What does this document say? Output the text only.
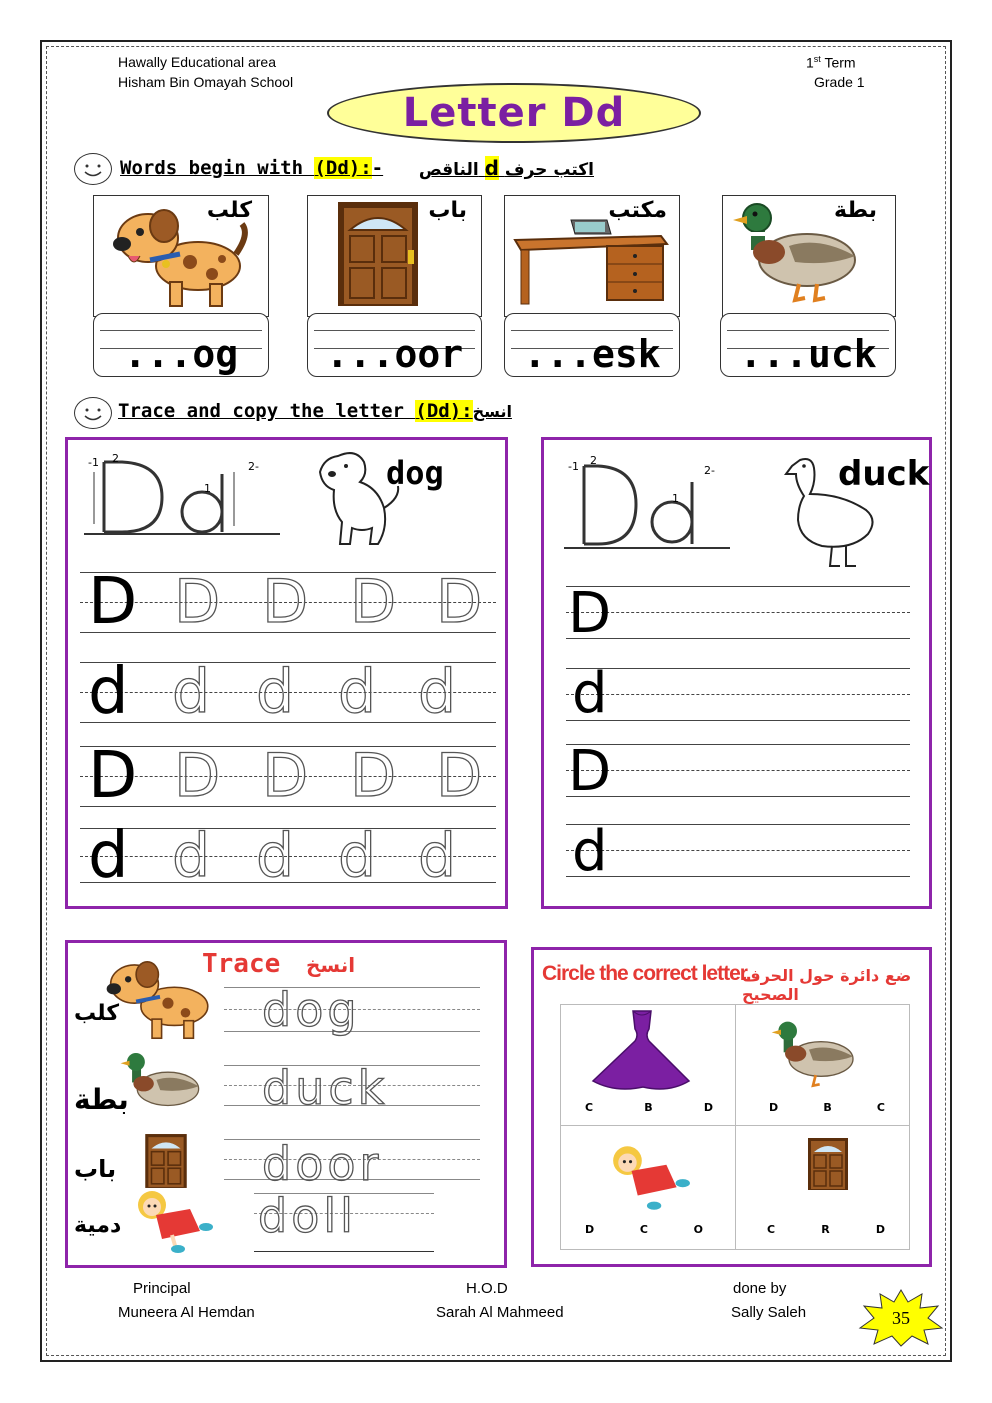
Hawally Educational area
Hisham Bin Omayah School
1st Term
Grade 1
Letter Dd
Words begin with (Dd):-	اكتب حرف d الناقص
كلب
...og
باب
...oor
مكتب
...esk
بطة
...uck
Trace and copy the letter (Dd):انسخ
-1 2
2-
1	dog
D D D D D
d d d d d
D D D D D
d d d d d
-1 2
2-
1
duck
D
d
D
d
Trace انسخ
كلب	dog
بطة	duck
باب	door
دمية	doll
Circle the correct letter.
ضع دائرة حول الحرف الصحيح
C	B	D	D	B	C
D	C	O	C	R	D
Principal
Muneera Al Hemdan
H.O.D
Sarah Al Mahmeed
done by
Sally Saleh	35
